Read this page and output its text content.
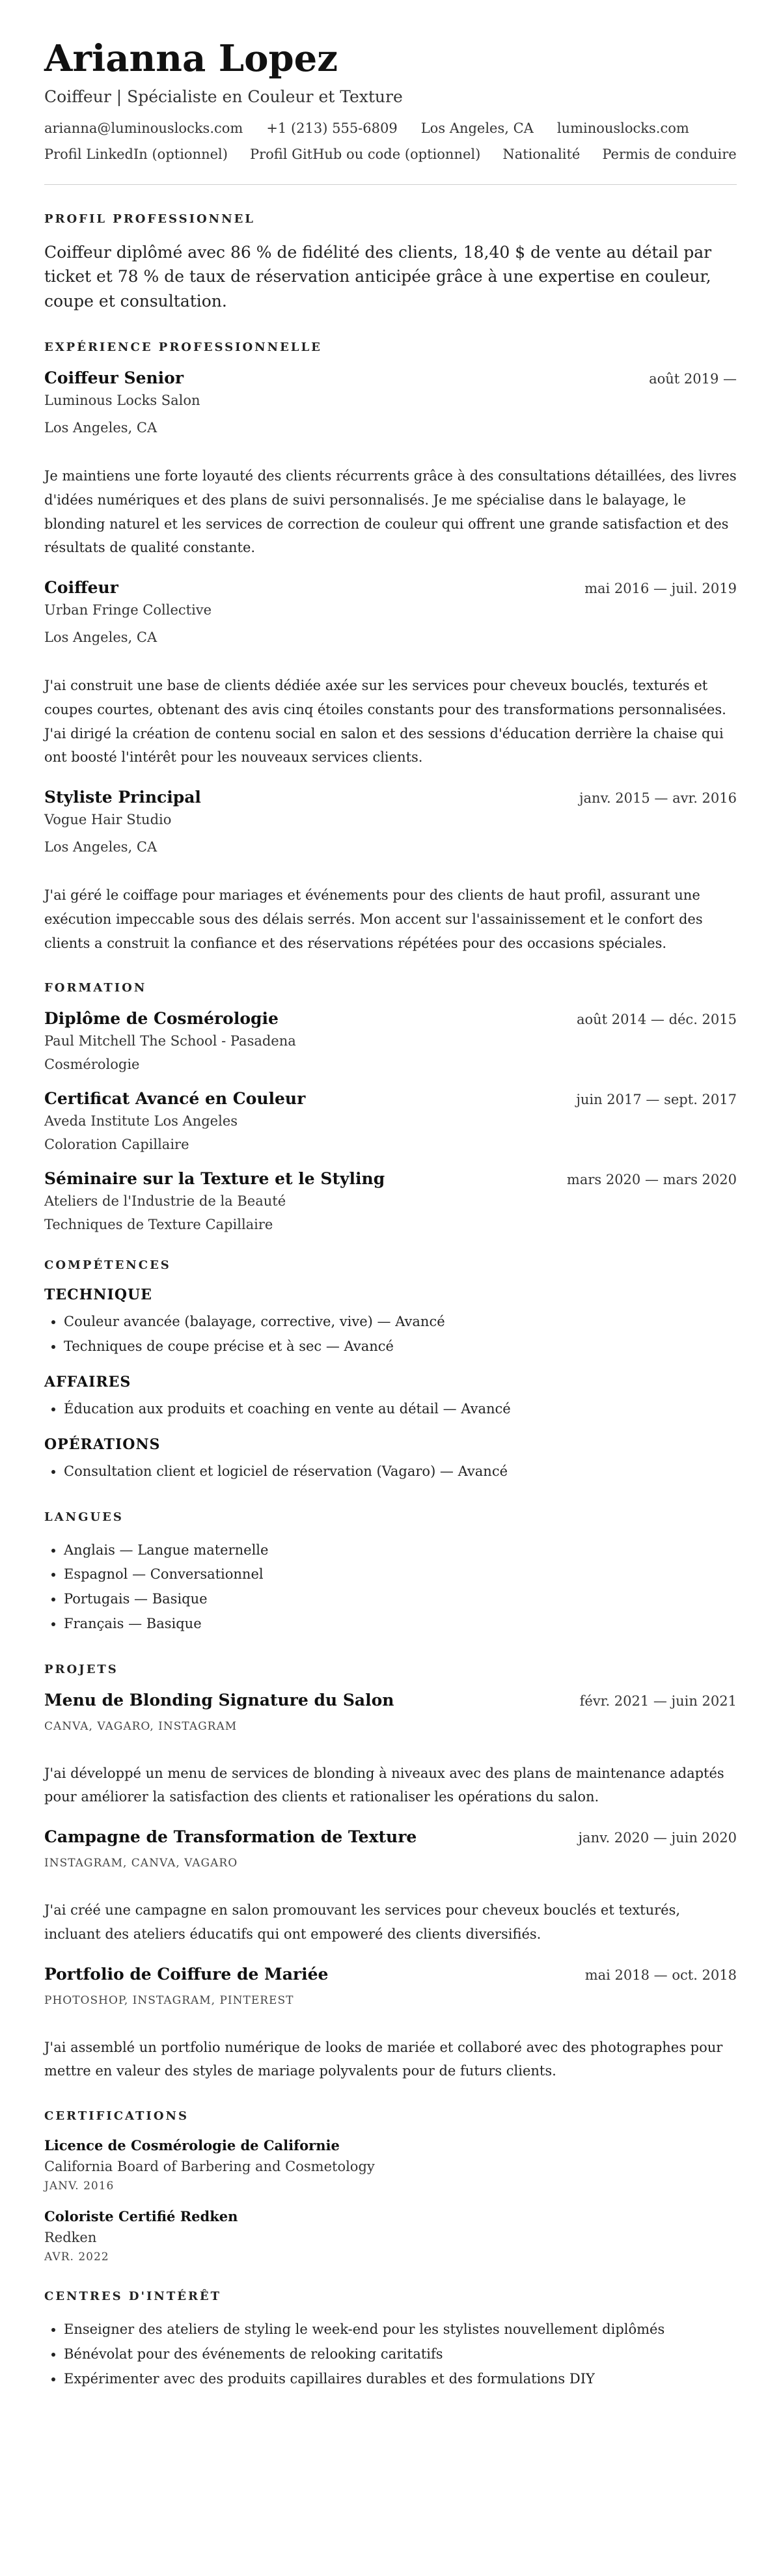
Arianna Lopez
Coiffeur | Spécialiste en Couleur et Texture
arianna@luminouslocks.com +1 (213) 555-6809 Los Angeles, CA luminouslocks.com
Profil LinkedIn (optionnel) Profil GitHub ou code (optionnel) Nationalité Permis de conduire
PROFIL PROFESSIONNEL
Coiffeur diplômé avec 86 % de fidélité des clients, 18,40 $ de vente au détail par ticket et 78 % de taux de réservation anticipée grâce à une expertise en couleur, coupe et consultation.
EXPÉRIENCE PROFESSIONNELLE
Coiffeur Senior	août 2019 —
Luminous Locks Salon
Los Angeles, CA
Je maintiens une forte loyauté des clients récurrents grâce à des consultations détaillées, des livres d'idées numériques et des plans de suivi personnalisés. Je me spécialise dans le balayage, le blonding naturel et les services de correction de couleur qui offrent une grande satisfaction et des résultats de qualité constante.
Coiffeur	mai 2016 — juil. 2019
Urban Fringe Collective
Los Angeles, CA
J'ai construit une base de clients dédiée axée sur les services pour cheveux bouclés, texturés et coupes courtes, obtenant des avis cinq étoiles constants pour des transformations personnalisées. J'ai dirigé la création de contenu social en salon et des sessions d'éducation derrière la chaise qui ont boosté l'intérêt pour les nouveaux services clients.
Styliste Principal	janv. 2015 — avr. 2016
Vogue Hair Studio
Los Angeles, CA
J'ai géré le coiffage pour mariages et événements pour des clients de haut profil, assurant une exécution impeccable sous des délais serrés. Mon accent sur l'assainissement et le confort des clients a construit la confiance et des réservations répétées pour des occasions spéciales.
FORMATION
Diplôme de Cosmérologie	août 2014 — déc. 2015
Paul Mitchell The School - Pasadena
Cosmérologie
Certificat Avancé en Couleur	juin 2017 — sept. 2017
Aveda Institute Los Angeles
Coloration Capillaire
Séminaire sur la Texture et le Styling	mars 2020 — mars 2020
Ateliers de l'Industrie de la Beauté
Techniques de Texture Capillaire
COMPÉTENCES
TECHNIQUE
• Couleur avancée (balayage, corrective, vive) — Avancé
• Techniques de coupe précise et à sec — Avancé
AFFAIRES
• Éducation aux produits et coaching en vente au détail — Avancé
OPÉRATIONS
• Consultation client et logiciel de réservation (Vagaro) — Avancé
LANGUES
• Anglais — Langue maternelle
• Espagnol — Conversationnel
• Portugais — Basique
• Français — Basique
PROJETS
Menu de Blonding Signature du Salon	févr. 2021 — juin 2021
CANVA, VAGARO, INSTAGRAM
J'ai développé un menu de services de blonding à niveaux avec des plans de maintenance adaptés pour améliorer la satisfaction des clients et rationaliser les opérations du salon.
Campagne de Transformation de Texture	janv. 2020 — juin 2020
INSTAGRAM, CANVA, VAGARO
J'ai créé une campagne en salon promouvant les services pour cheveux bouclés et texturés, incluant des ateliers éducatifs qui ont empoweré des clients diversifiés.
Portfolio de Coiffure de Mariée	mai 2018 — oct. 2018
PHOTOSHOP, INSTAGRAM, PINTEREST
J'ai assemblé un portfolio numérique de looks de mariée et collaboré avec des photographes pour mettre en valeur des styles de mariage polyvalents pour de futurs clients.
CERTIFICATIONS
Licence de Cosmérologie de Californie
California Board of Barbering and Cosmetology
JANV. 2016
Coloriste Certifié Redken
Redken
AVR. 2022
CENTRES D'INTÉRÊT
• Enseigner des ateliers de styling le week-end pour les stylistes nouvellement diplômés
• Bénévolat pour des événements de relooking caritatifs
• Expérimenter avec des produits capillaires durables et des formulations DIY
